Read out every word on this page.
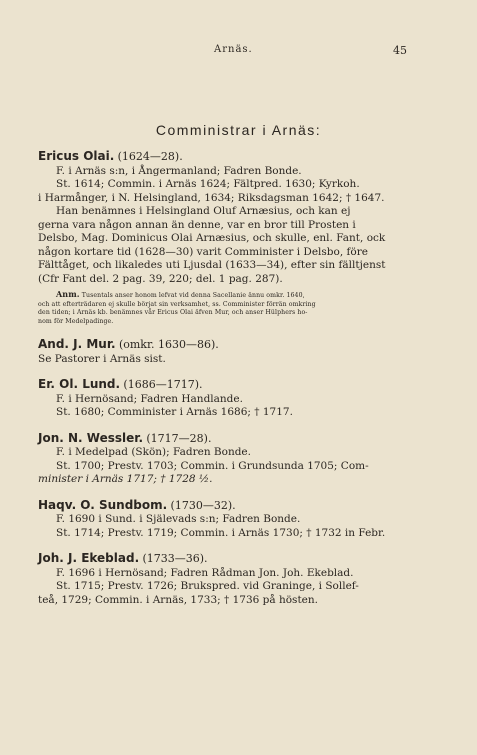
Arnäs.	45
Comministrar i Arnäs:
Ericus Olai. (1624—28).
F. i Arnäs s:n, i Ångermanland; Fadren Bonde.
St. 1614; Commin. i Arnäs 1624; Fältpred. 1630; Kyrkoh.
i Harmånger, i N. Helsingland, 1634; Riksdagsman 1642; † 1647.
Han benämnes i Helsingland Oluf Arnæsius, och kan ej
gerna vara någon annan än denne, var en bror till Prosten i
Delsbo, Mag. Dominicus Olai Arnæsius, och skulle, enl. Fant, ock
någon kortare tid (1628—30) varit Comminister i Delsbo, före
Fälttåget, och likaledes uti Ljusdal (1633—34), efter sin fälltjenst
(Cfr Fant del. 2 pag. 39, 220; del. 1 pag. 287).
Anm. Tusentals anser honom lefvat vid denna Sacellanie ännu omkr. 1640,
och att efterträdaren ej skulle börjat sin verksamhet, ss. Comminister förrän omkring
den tiden; i Arnäs kb. benämnes vår Ericus Olai äfven Mur, och anser Hülphers ho-
nom för Medelpadinge.
And. J. Mur. (omkr. 1630—86).
Se Pastorer i Arnäs sist.
Er. Ol. Lund. (1686—1717).
F. i Hernösand; Fadren Handlande.
St. 1680; Comminister i Arnäs 1686; † 1717.
Jon. N. Wessler. (1717—28).
F. i Medelpad (Skön); Fadren Bonde.
St. 1700; Prestv. 1703; Commin. i Grundsunda 1705; Com-
minister i Arnäs 1717; † 1728 ½.
Haqv. O. Sundbom. (1730—32).
F. 1690 i Sund. i Själevads s:n; Fadren Bonde.
St. 1714; Prestv. 1719; Commin. i Arnäs 1730; † 1732 in Febr.
Joh. J. Ekeblad. (1733—36).
F. 1696 i Hernösand; Fadren Rådman Jon. Joh. Ekeblad.
St. 1715; Prestv. 1726; Brukspred. vid Graninge, i Sollef-
teå, 1729; Commin. i Arnäs, 1733; † 1736 på hösten.
